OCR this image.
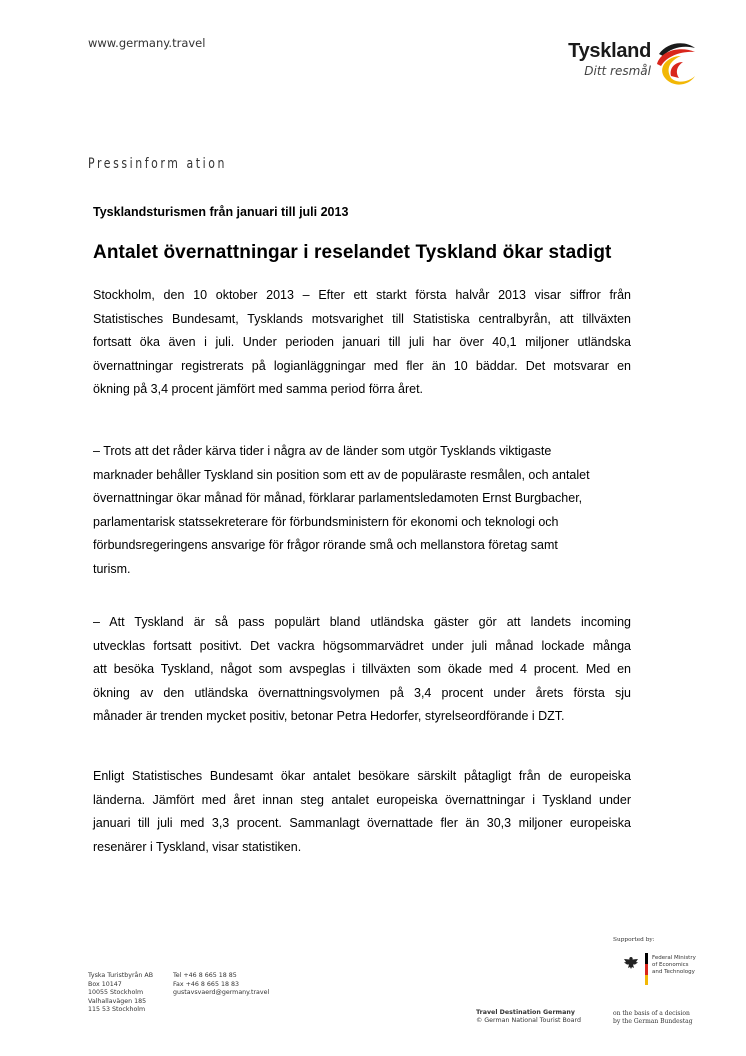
www.germany.travel	Tyskland
Ditt resmål
Pressinform ation
Tysklandsturismen från januari till juli 2013
Antalet övernattningar i reselandet Tyskland ökar stadigt
Stockholm, den 10 oktober 2013 – Efter ett starkt första halvår 2013 visar siffror från
Statistisches Bundesamt, Tysklands motsvarighet till Statistiska centralbyrån, att tillväxten
fortsatt öka även i juli. Under perioden januari till juli har över 40,1 miljoner utländska
övernattningar registrerats på logianläggningar med fler än 10 bäddar. Det motsvarar en
ökning på 3,4 procent jämfört med samma period förra året.
– Trots att det råder kärva tider i några av de länder som utgör Tysklands viktigaste
marknader behåller Tyskland sin position som ett av de populäraste resmålen, och antalet
övernattningar ökar månad för månad, förklarar parlamentsledamoten Ernst Burgbacher,
parlamentarisk statssekreterare för förbundsministern för ekonomi och teknologi och
förbundsregeringens ansvarige för frågor rörande små och mellanstora företag samt
turism.
– Att Tyskland är så pass populärt bland utländska gäster gör att landets incoming
utvecklas fortsatt positivt. Det vackra högsommarvädret under juli månad lockade många
att besöka Tyskland, något som avspeglas i tillväxten som ökade med 4 procent. Med en
ökning av den utländska övernattningsvolymen på 3,4 procent under årets första sju
månader är trenden mycket positiv, betonar Petra Hedorfer, styrelseordförande i DZT.
Enligt Statistisches Bundesamt ökar antalet besökare särskilt påtagligt från de europeiska
länderna. Jämfört med året innan steg antalet europeiska övernattningar i Tyskland under
januari till juli med 3,3 procent. Sammanlagt övernattade fler än 30,3 miljoner europeiska
resenärer i Tyskland, visar statistiken.
Tyska Turistbyrån AB
Box 10147
10055 Stockholm
Valhallavägen 185
115 53 Stockholm
Tel +46 8 665 18 85
Fax +46 8 665 18 83
gustavsvaerd@germany.travel
Travel Destination Germany
© German National Tourist Board
Supported by:
Federal Ministry
of Economics
and Technology
on the basis of a decision
by the German Bundestag
